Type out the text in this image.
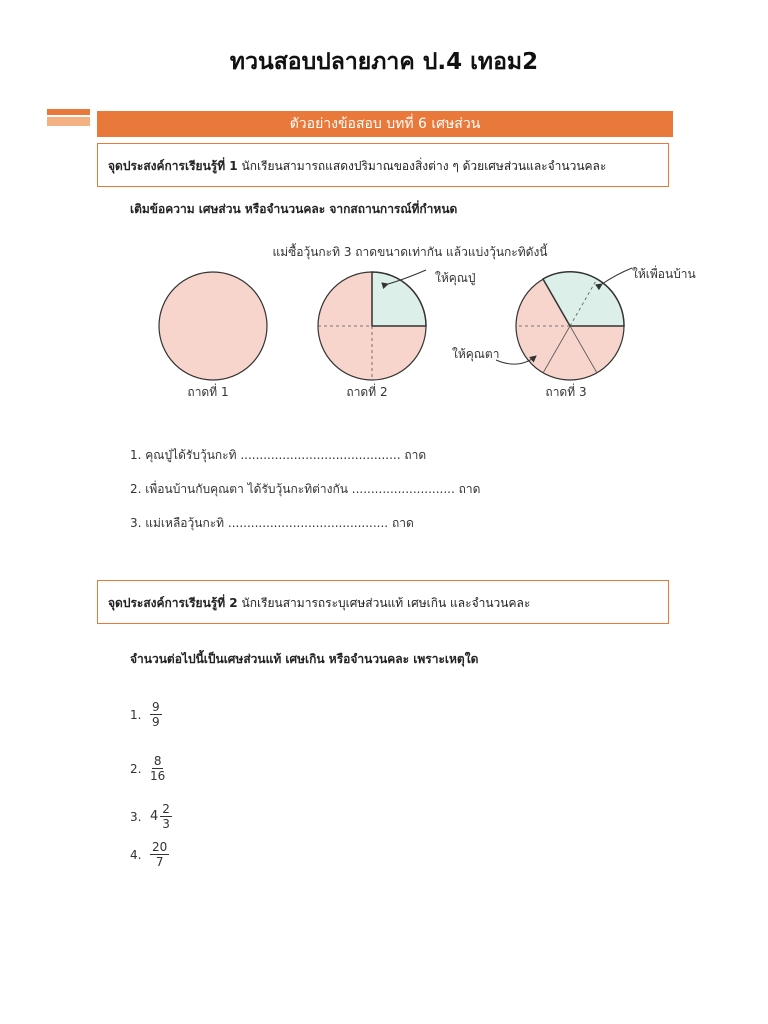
ทวนสอบปลายภาค ป.4 เทอม2
ตัวอย่างข้อสอบ บทที่ 6 เศษส่วน
จุดประสงค์การเรียนรู้ที่ 1 นักเรียนสามารถแสดงปริมาณของสิ่งต่าง ๆ ด้วยเศษส่วนและจำนวนคละ
เติมข้อความ เศษส่วน หรือจำนวนคละ จากสถานการณ์ที่กำหนด
แม่ซื้อวุ้นกะทิ 3 ถาดขนาดเท่ากัน แล้วแบ่งวุ้นกะทิดังนี้
ให้คุณปู่	ให้เพื่อนบ้าน
ให้คุณตา
ถาดที่ 1	ถาดที่ 2	ถาดที่ 3
1. คุณปู่ได้รับวุ้นกะทิ .......................................... ถาด
2. เพื่อนบ้านกับคุณตา ได้รับวุ้นกะทิต่างกัน ........................... ถาด
3. แม่เหลือวุ้นกะทิ .......................................... ถาด
จุดประสงค์การเรียนรู้ที่ 2 นักเรียนสามารถระบุเศษส่วนแท้ เศษเกิน และจำนวนคละ
จำนวนต่อไปนี้เป็นเศษส่วนแท้ เศษเกิน หรือจำนวนคละ เพราะเหตุใด
1. $\frac{9}{9}$
2. $\frac{8}{16}$
3. $4 \frac{2}{3}$
4. $\frac{20}{7}$
